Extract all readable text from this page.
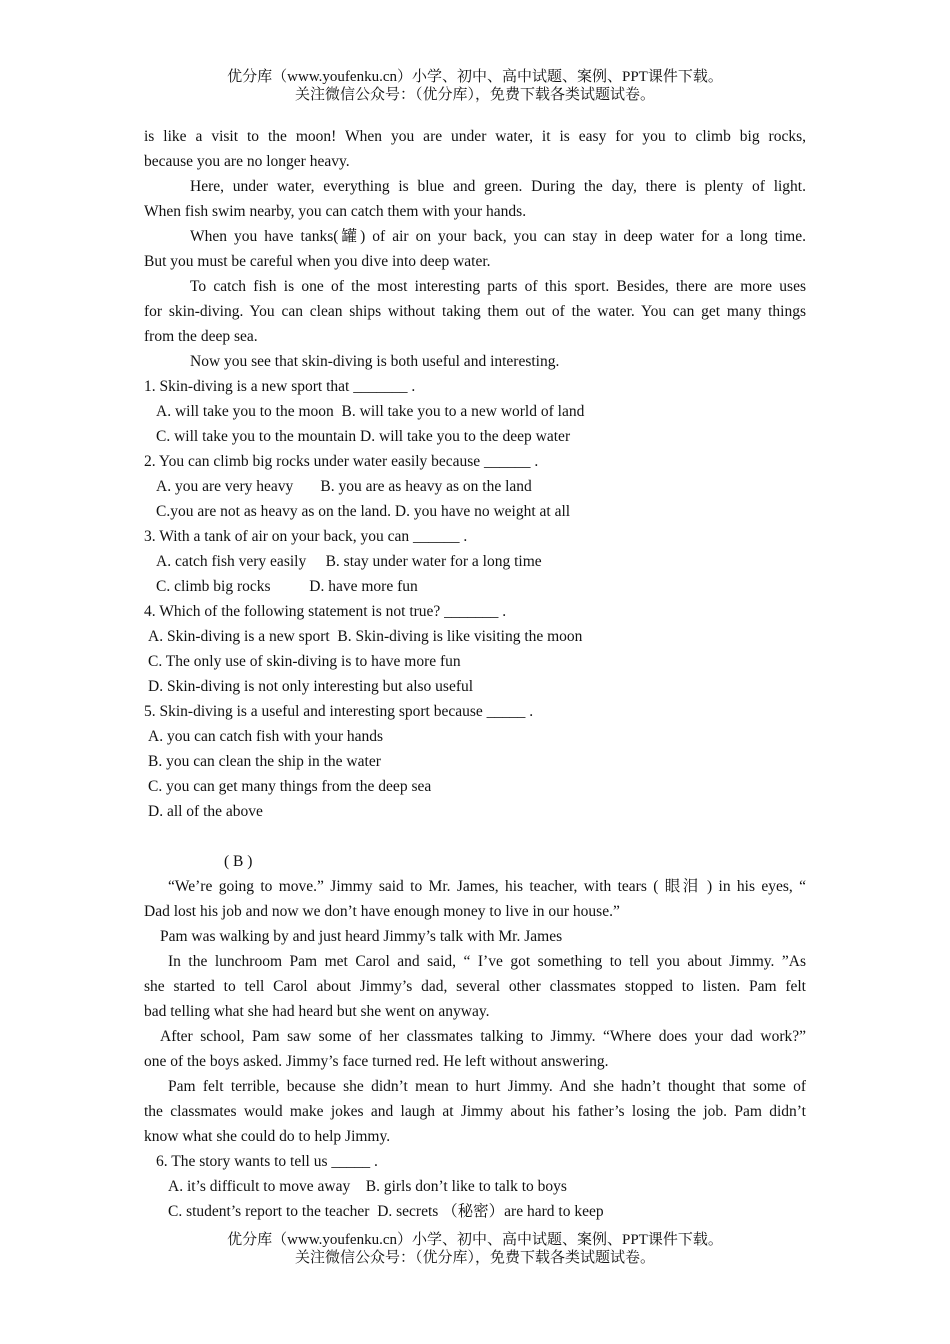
优分库（www.youfenku.cn）小学、初中、高中试题、案例、PPT课件下载。
关注微信公众号：（优分库），免费下载各类试题试卷。
is like a visit to the moon! When you are under water, it is easy for you to climb big rocks,
because you are no longer heavy.
Here, under water, everything is blue and green. During the day, there is plenty of light.
When fish swim nearby, you can catch them with your hands.
When you have tanks(罐) of air on your back, you can stay in deep water for a long time.
But you must be careful when you dive into deep water.
To catch fish is one of the most interesting parts of this sport. Besides, there are more uses
for skin-diving. You can clean ships without taking them out of the water. You can get many things
from the deep sea.
Now you see that skin-diving is both useful and interesting.
1. Skin-diving is a new sport that _______ .
A. will take you to the moon  B. will take you to a new world of land
C. will take you to the mountain D. will take you to the deep water
2. You can climb big rocks under water easily because ______ .
A. you are very heavy       B. you are as heavy as on the land
C.you are not as heavy as on the land. D. you have no weight at all
3. With a tank of air on your back, you can ______ .
A. catch fish very easily     B. stay under water for a long time
C. climb big rocks          D. have more fun
4. Which of the following statement is not true? _______ .
A. Skin-diving is a new sport  B. Skin-diving is like visiting the moon
C. The only use of skin-diving is to have more fun
D. Skin-diving is not only interesting but also useful
5. Skin-diving is a useful and interesting sport because _____ .
A. you can catch fish with your hands
B. you can clean the ship in the water
C. you can get many things from the deep sea
D. all of the above
( B )
“We’re going to move.” Jimmy said to Mr. James, his teacher, with tears ( 眼泪 ) in his eyes, “
Dad lost his job and now we don’t have enough money to live in our house.”
Pam was walking by and just heard Jimmy’s talk with Mr. James
In the lunchroom Pam met Carol and said, “ I’ve got something to tell you about Jimmy. ”As
she started to tell Carol about Jimmy’s dad, several other classmates stopped to listen. Pam felt
bad telling what she had heard but she went on anyway.
After school, Pam saw some of her classmates talking to Jimmy. “Where does your dad work?”
one of the boys asked. Jimmy’s face turned red. He left without answering.
Pam felt terrible, because she didn’t mean to hurt Jimmy. And she hadn’t thought that some of
the classmates would make jokes and laugh at Jimmy about his father’s losing the job. Pam didn’t
know what she could do to help Jimmy.
6. The story wants to tell us _____ .
A. it’s difficult to move away    B. girls don’t like to talk to boys
C. student’s report to the teacher  D. secrets （秘密）are hard to keep
优分库（www.youfenku.cn）小学、初中、高中试题、案例、PPT课件下载。
关注微信公众号：（优分库），免费下载各类试题试卷。
